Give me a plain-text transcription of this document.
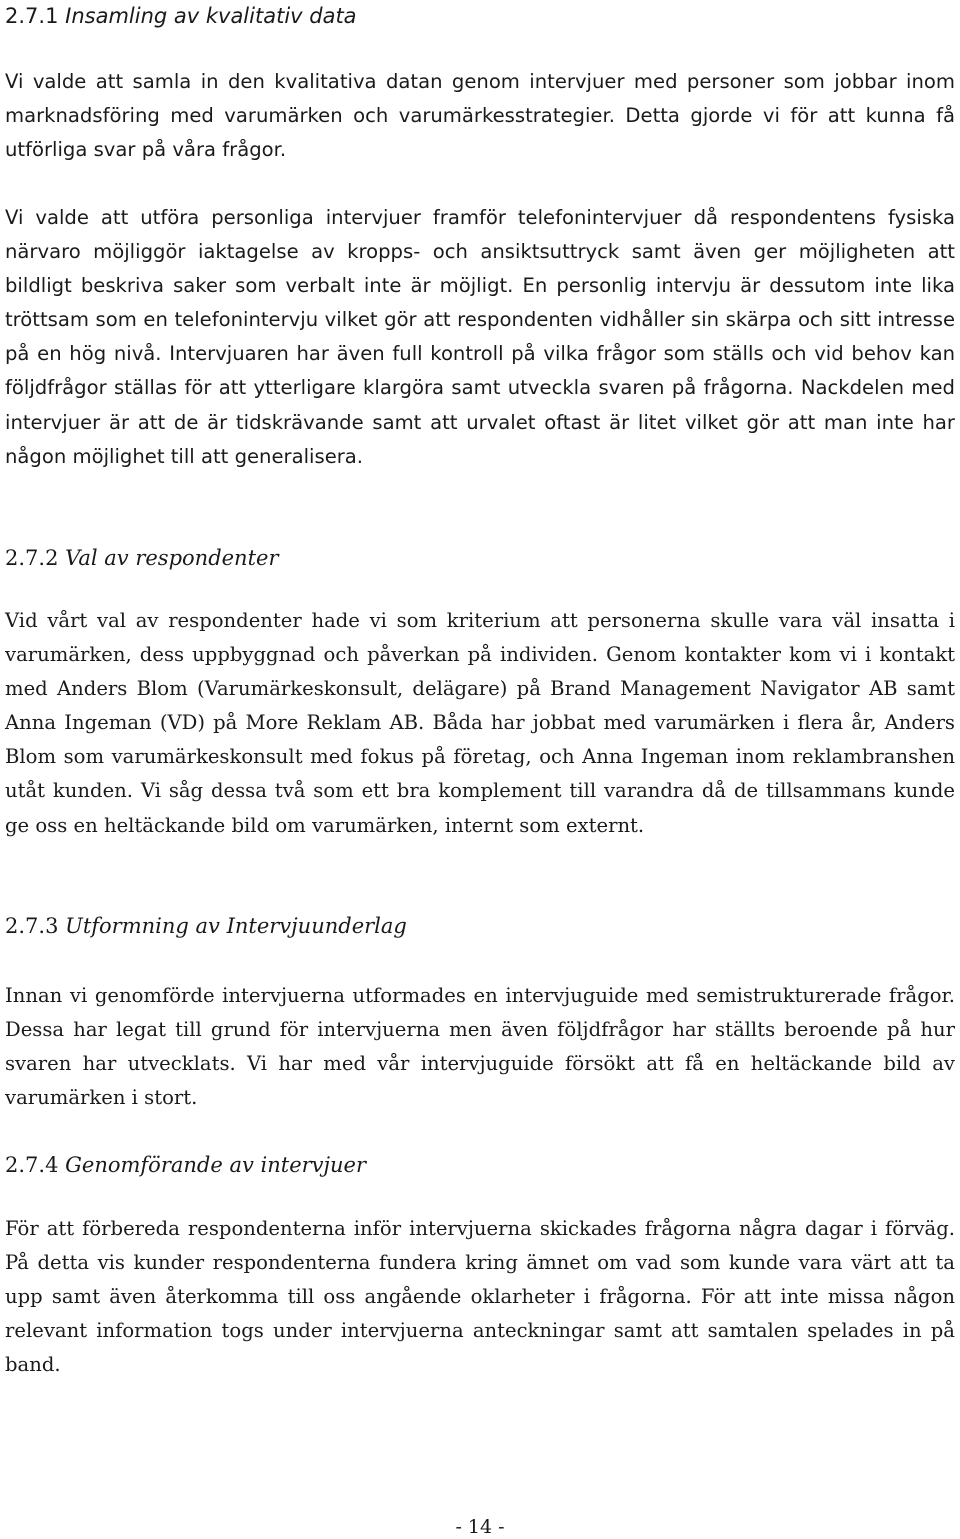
2.7.1 Insamling av kvalitativ data

Vi valde att samla in den kvalitativa datan genom intervjuer med personer som jobbar inom marknadsföring med varumärken och varumärkesstrategier. Detta gjorde vi för att kunna få utförliga svar på våra frågor.

Vi valde att utföra personliga intervjuer framför telefonintervjuer då respondentens fysiska närvaro möjliggör iaktagelse av kropps- och ansiktsuttryck samt även ger möjligheten att bildligt beskriva saker som verbalt inte är möjligt. En personlig intervju är dessutom inte lika tröttsam som en telefonintervju vilket gör att respondenten vidhåller sin skärpa och sitt intresse på en hög nivå. Intervjuaren har även full kontroll på vilka frågor som ställs och vid behov kan följdfrågor ställas för att ytterligare klargöra samt utveckla svaren på frågorna. Nackdelen med intervjuer är att de är tidskrävande samt att urvalet oftast är litet vilket gör att man inte har någon möjlighet till att generalisera.

2.7.2 Val av respondenter

Vid vårt val av respondenter hade vi som kriterium att personerna skulle vara väl insatta i varumärken, dess uppbyggnad och påverkan på individen. Genom kontakter kom vi i kontakt med Anders Blom (Varumärkeskonsult, delägare) på Brand Management Navigator AB samt Anna Ingeman (VD) på More Reklam AB. Båda har jobbat med varumärken i flera år, Anders Blom som varumärkeskonsult med fokus på företag, och Anna Ingeman inom reklambranshen utåt kunden. Vi såg dessa två som ett bra komplement till varandra då de tillsammans kunde ge oss en heltäckande bild om varumärken, internt som externt.

2.7.3 Utformning av Intervjuunderlag

Innan vi genomförde intervjuerna utformades en intervjuguide med semistrukturerade frågor. Dessa har legat till grund för intervjuerna men även följdfrågor har ställts beroende på hur svaren har utvecklats. Vi har med vår intervjuguide försökt att få en heltäckande bild av varumärken i stort.

2.7.4 Genomförande av intervjuer

För att förbereda respondenterna inför intervjuerna skickades frågorna några dagar i förväg. På detta vis kunder respondenterna fundera kring ämnet om vad som kunde vara värt att ta upp samt även återkomma till oss angående oklarheter i frågorna. För att inte missa någon relevant information togs under intervjuerna anteckningar samt att samtalen spelades in på band.

- 14 -
